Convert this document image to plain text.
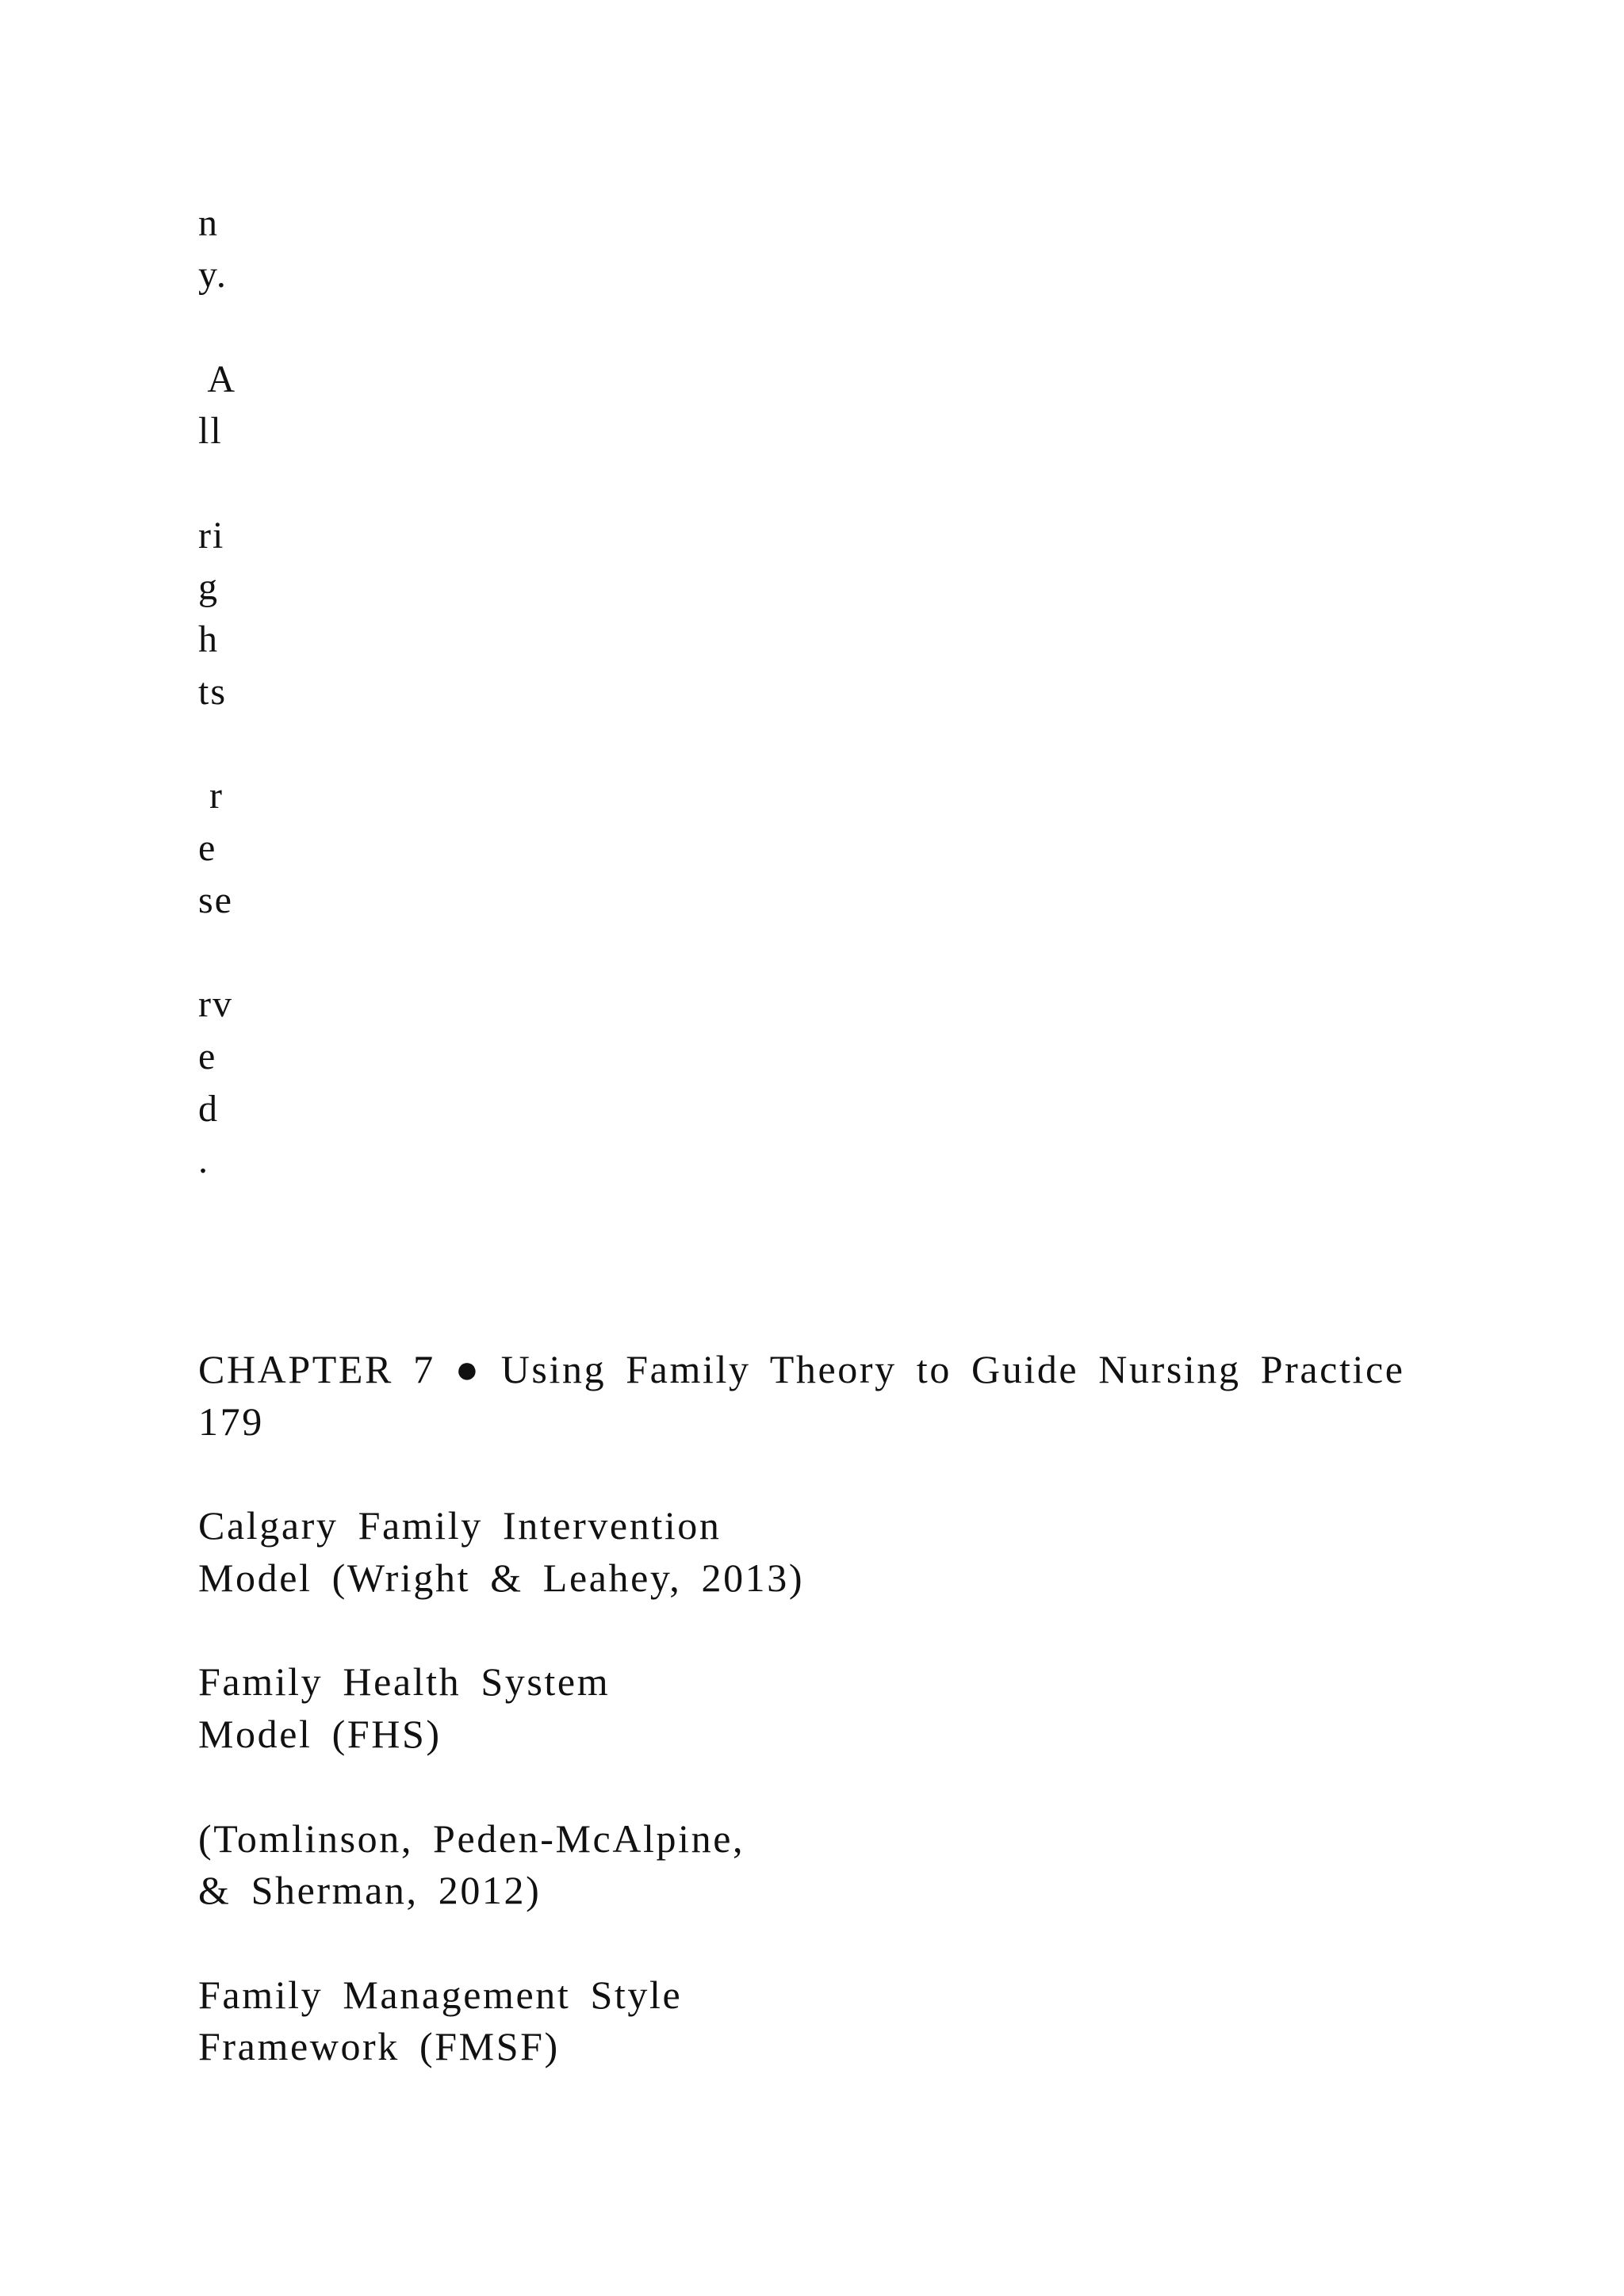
n
y.
A
ll
ri
g
h
ts
r
e
se
rv
e
d
.
CHAPTER 7 ● Using Family Theory to Guide Nursing Practice
179
Calgary Family Intervention
Model (Wright & Leahey, 2013)
Family Health System
Model (FHS)
(Tomlinson, Peden-McAlpine,
& Sherman, 2012)
Family Management Style
Framework (FMSF)
